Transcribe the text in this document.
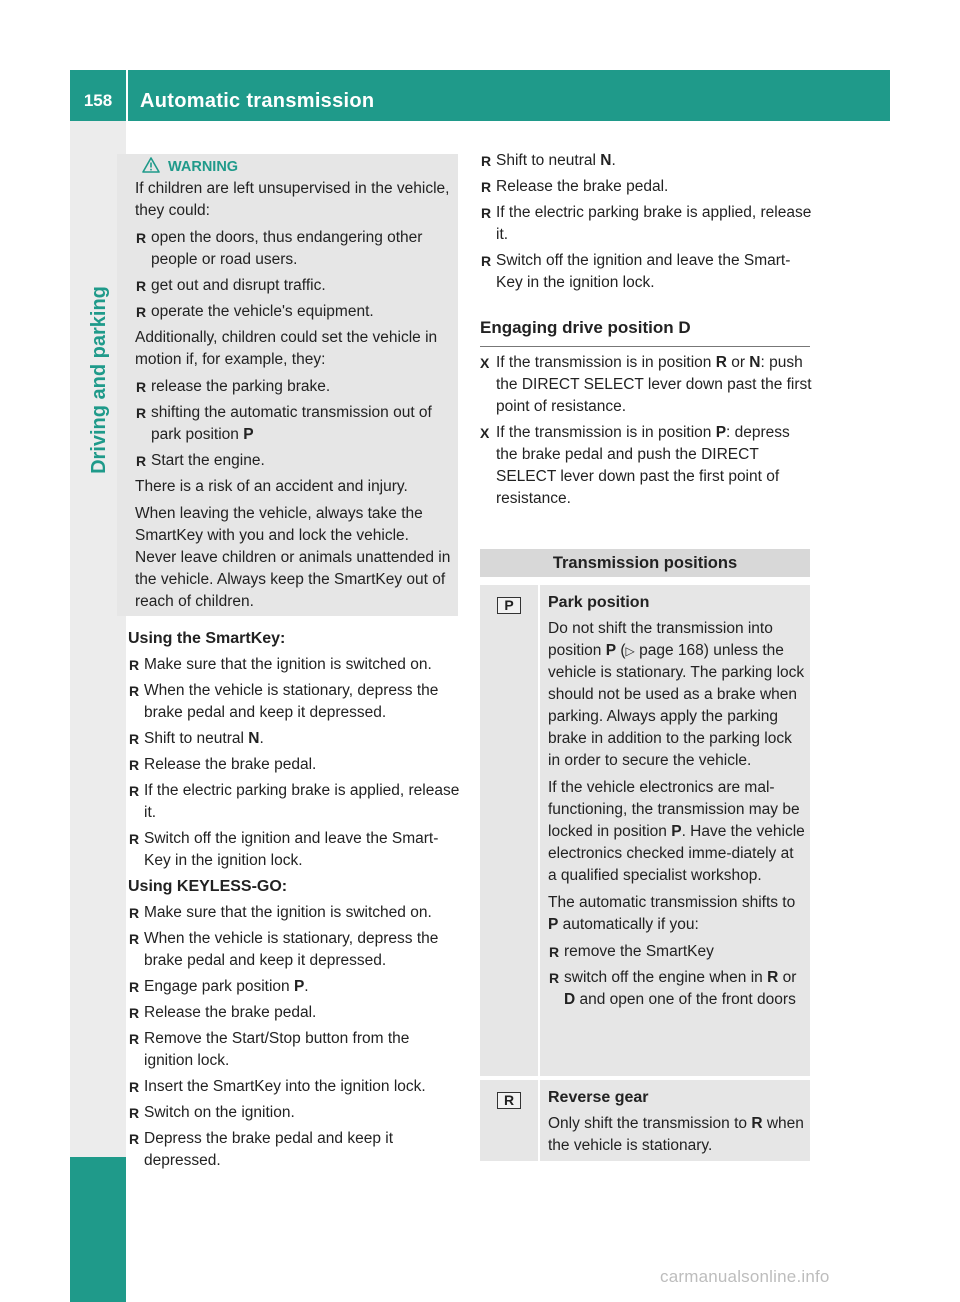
158	Automatic transmission
Driving and parking
WARNING

If children are left unsupervised in the vehicle, they could:

R open the doors, thus endangering other people or road users.
R get out and disrupt traffic.
R operate the vehicle's equipment.

Additionally, children could set the vehicle in motion if, for example, they:

R release the parking brake.
R shifting the automatic transmission out of park position P
R Start the engine.

There is a risk of an accident and injury.

When leaving the vehicle, always take the SmartKey with you and lock the vehicle. Never leave children or animals unattended in the vehicle. Always keep the SmartKey out of reach of children.

Using the SmartKey:

R Make sure that the ignition is switched on.
R When the vehicle is stationary, depress the brake pedal and keep it depressed.
R Shift to neutral N.
R Release the brake pedal.
R If the electric parking brake is applied, release it.
R Switch off the ignition and leave the Smart-Key in the ignition lock.

Using KEYLESS-GO:

R Make sure that the ignition is switched on.
R When the vehicle is stationary, depress the brake pedal and keep it depressed.
R Engage park position P.
R Release the brake pedal.
R Remove the Start/Stop button from the ignition lock.
R Insert the SmartKey into the ignition lock.
R Switch on the ignition.
R Depress the brake pedal and keep it depressed.
R Shift to neutral N.
R Release the brake pedal.
R If the electric parking brake is applied, release it.
R Switch off the ignition and leave the Smart-Key in the ignition lock.
Engaging drive position D
X If the transmission is in position R or N: push the DIRECT SELECT lever down past the first point of resistance.
X If the transmission is in position P: depress the brake pedal and push the DIRECT SELECT lever down past the first point of resistance.
Transmission positions
P	Park position

Do not shift the transmission into position P (▷ page 168) unless the vehicle is stationary. The parking lock should not be used as a brake when parking. Always apply the parking brake in addition to the parking lock in order to secure the vehicle.

If the vehicle electronics are mal-functioning, the transmission may be locked in position P. Have the vehicle electronics checked imme-diately at a qualified specialist workshop.

The automatic transmission shifts to P automatically if you:

R remove the SmartKey
R switch off the engine when in R or D and open one of the front doors
R	Reverse gear

Only shift the transmission to R when the vehicle is stationary.

carmanualsonline.info
